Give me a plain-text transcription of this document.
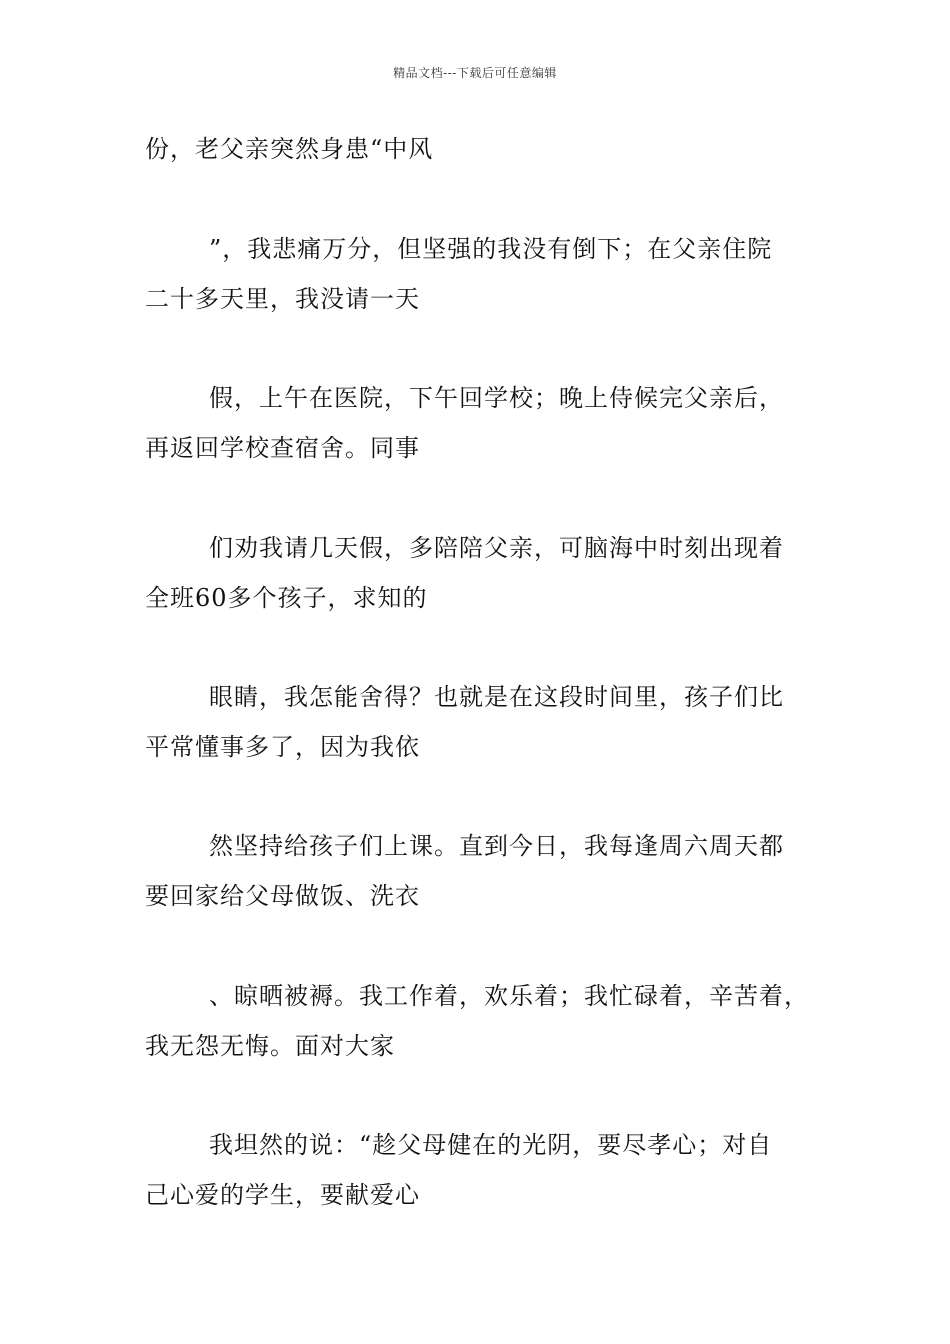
精品文档---下载后可任意编辑
份，老父亲突然身患“中风
”，我悲痛万分，但坚强的我没有倒下；在父亲住院
二十多天里，我没请一天
假，上午在医院，下午回学校；晚上侍候完父亲后，
再返回学校查宿舍。同事
们劝我请几天假，多陪陪父亲，可脑海中时刻出现着
全班60多个孩子，求知的
眼睛，我怎能舍得？也就是在这段时间里，孩子们比
平常懂事多了，因为我依
然坚持给孩子们上课。直到今日，我每逢周六周天都
要回家给父母做饭、洗衣
、晾晒被褥。我工作着，欢乐着；我忙碌着，辛苦着，
我无怨无悔。面对大家
我坦然的说：“趁父母健在的光阴，要尽孝心；对自
己心爱的学生，要献爱心
